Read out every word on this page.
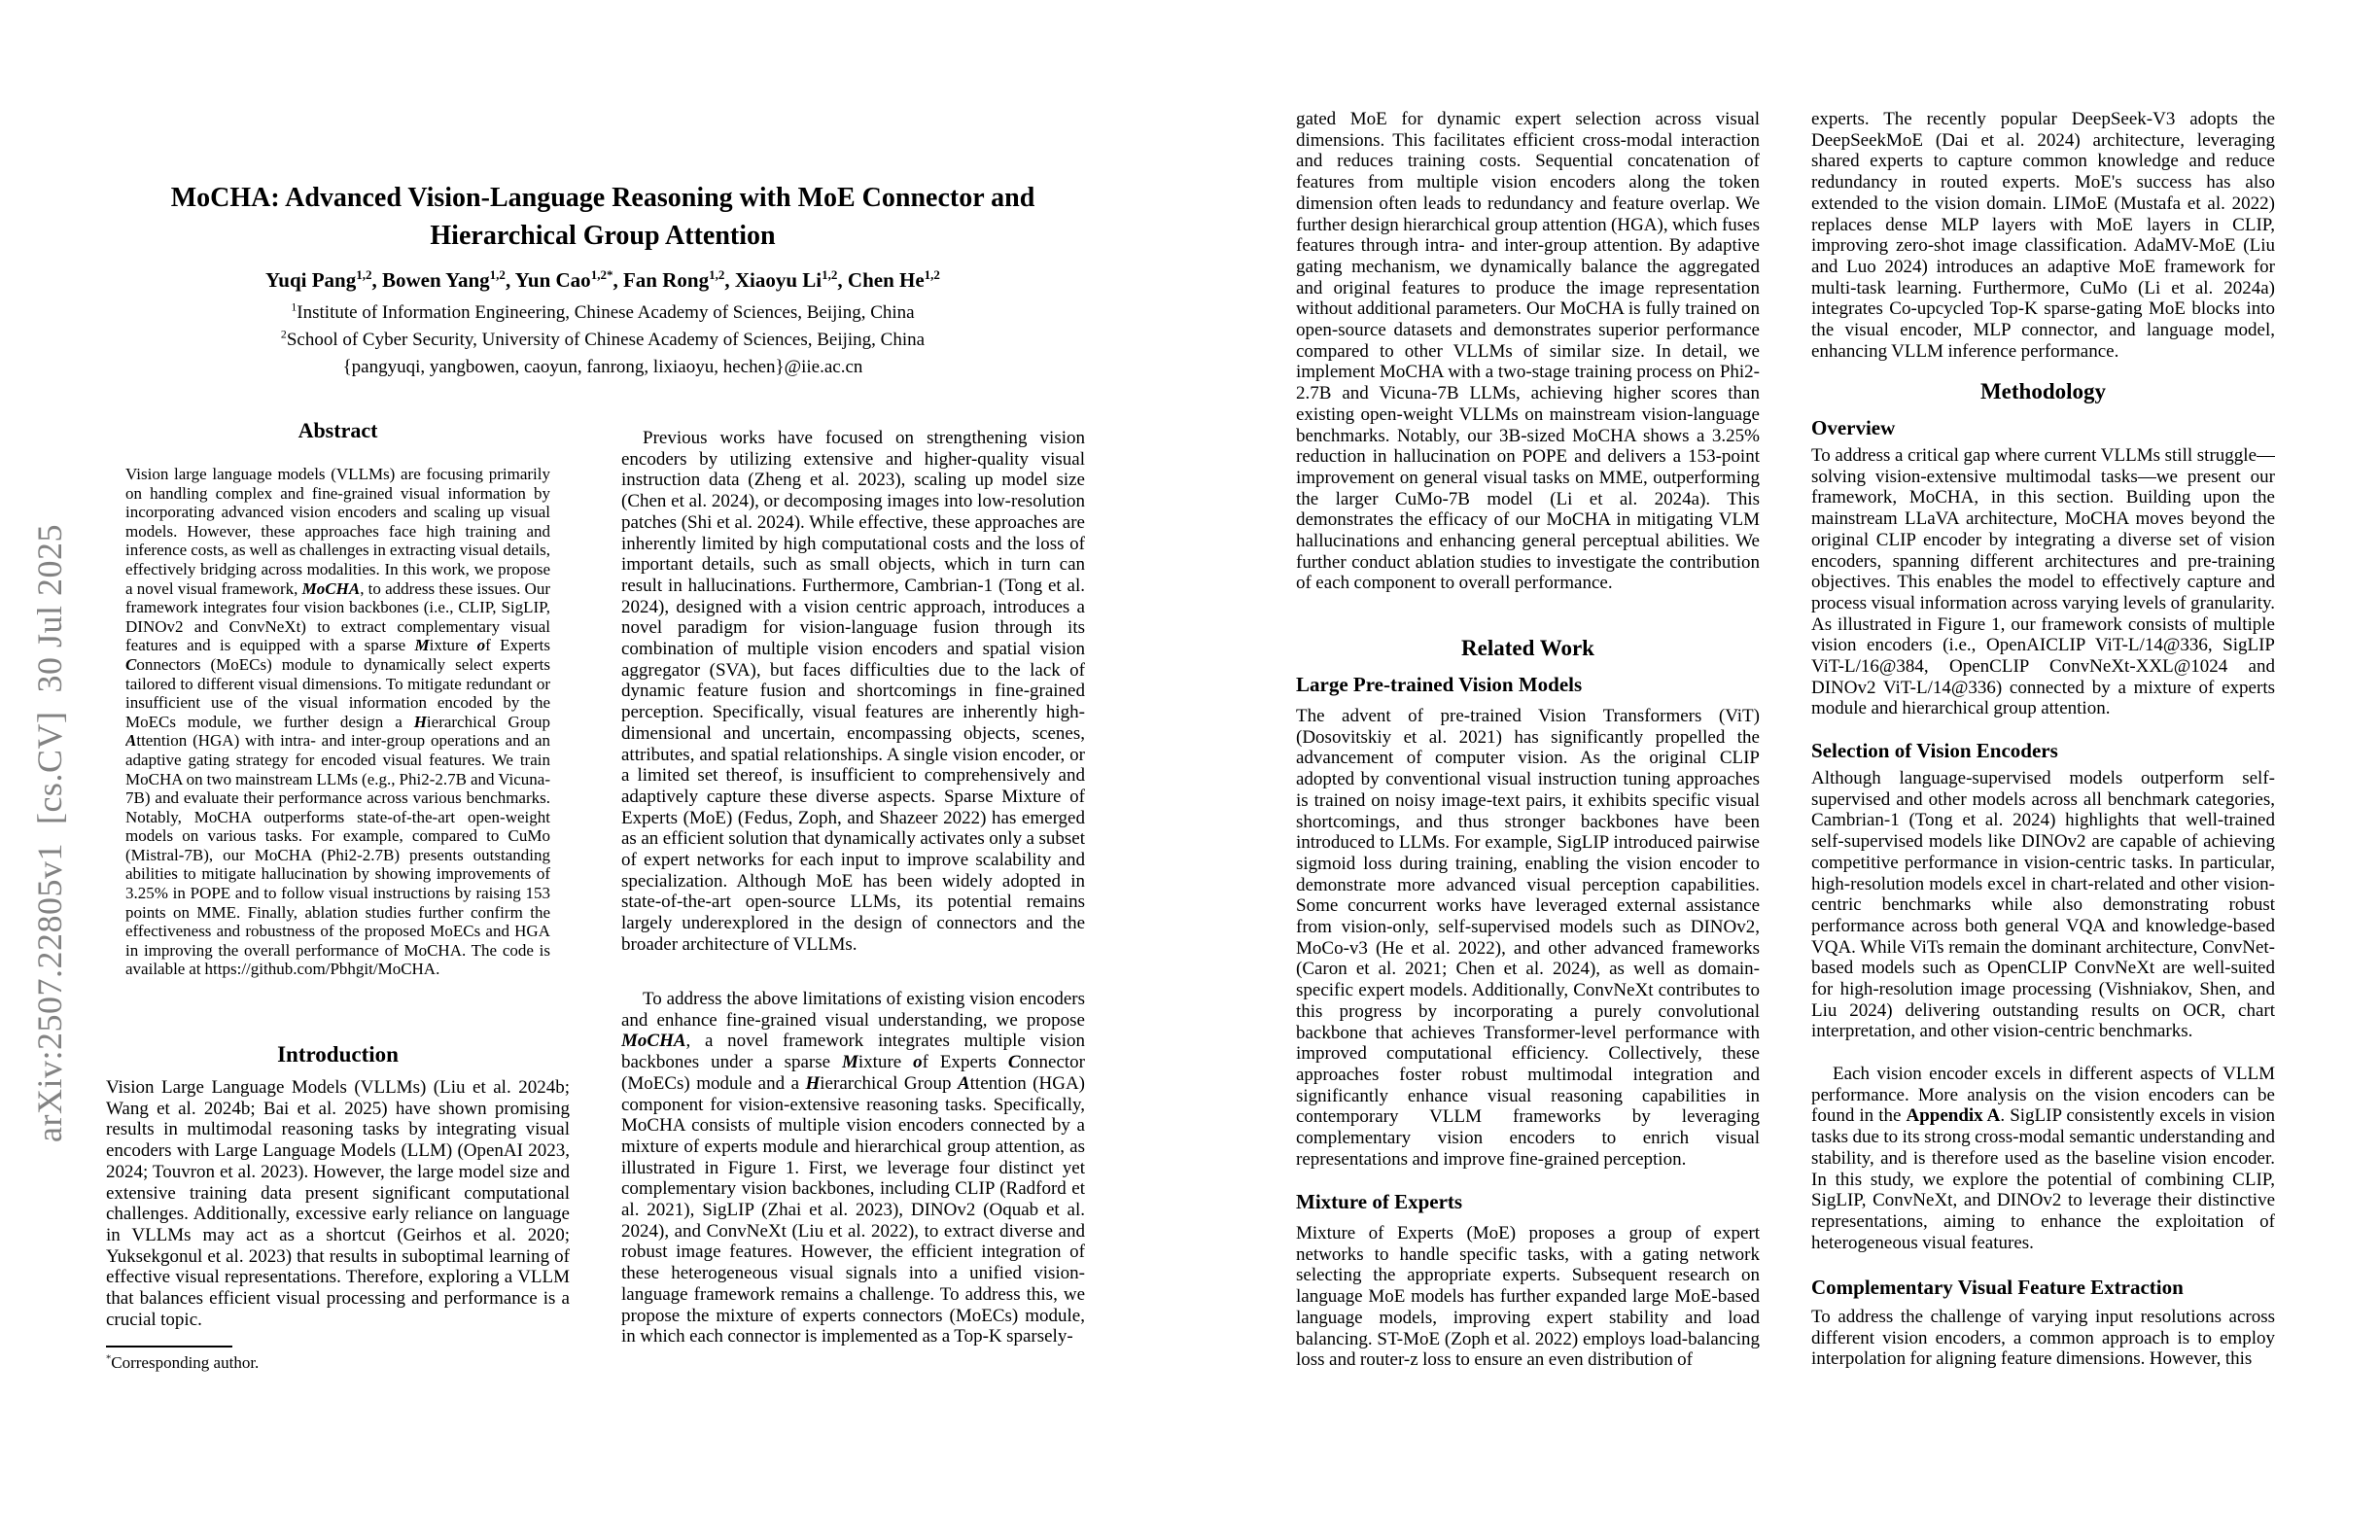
arXiv:2507.22805v1  [cs.CV]  30 Jul 2025
MoCHA: Advanced Vision-Language Reasoning with MoE Connector and
Hierarchical Group Attention
Yuqi Pang$^{1,2}$, Bowen Yang$^{1,2}$, Yun Cao$^{1,2*}$, Fan Rong$^{1,2}$, Xiaoyu Li$^{1,2}$, Chen He$^{1,2}$
$^1$Institute of Information Engineering, Chinese Academy of Sciences, Beijing, China
$^2$School of Cyber Security, University of Chinese Academy of Sciences, Beijing, China
{pangyuqi, yangbowen, caoyun, fanrong, lixiaoyu, hechen}@iie.ac.cn
Abstract
Vision large language models (VLLMs) are focusing primarily on handling complex and fine-grained visual information by incorporating advanced vision encoders and scaling up visual models. However, these approaches face high training and inference costs, as well as challenges in extracting visual details, effectively bridging across modalities. In this work, we propose a novel visual framework, MoCHA, to address these issues. Our framework integrates four vision backbones (i.e., CLIP, SigLIP, DINOv2 and ConvNeXt) to extract complementary visual features and is equipped with a sparse Mixture of Experts Connectors (MoECs) module to dynamically select experts tailored to different visual dimensions. To mitigate redundant or insufficient use of the visual information encoded by the MoECs module, we further design a Hierarchical Group Attention (HGA) with intra- and inter-group operations and an adaptive gating strategy for encoded visual features. We train MoCHA on two mainstream LLMs (e.g., Phi2-2.7B and Vicuna-7B) and evaluate their performance across various benchmarks. Notably, MoCHA outperforms state-of-the-art open-weight models on various tasks. For example, compared to CuMo (Mistral-7B), our MoCHA (Phi2-2.7B) presents outstanding abilities to mitigate hallucination by showing improvements of 3.25% in POPE and to follow visual instructions by raising 153 points on MME. Finally, ablation studies further confirm the effectiveness and robustness of the proposed MoECs and HGA in improving the overall performance of MoCHA. The code is available at https://github.com/Pbhgit/MoCHA.
Introduction
Vision Large Language Models (VLLMs) (Liu et al. 2024b; Wang et al. 2024b; Bai et al. 2025) have shown promising results in multimodal reasoning tasks by integrating visual encoders with Large Language Models (LLM) (OpenAI 2023, 2024; Touvron et al. 2023). However, the large model size and extensive training data present significant computational challenges. Additionally, excessive early reliance on language in VLLMs may act as a shortcut (Geirhos et al. 2020; Yuksekgonul et al. 2023) that results in suboptimal learning of effective visual representations. Therefore, exploring a VLLM that balances efficient visual processing and performance is a crucial topic.
*Corresponding author.
Previous works have focused on strengthening vision encoders by utilizing extensive and higher-quality visual instruction data (Zheng et al. 2023), scaling up model size (Chen et al. 2024), or decomposing images into low-resolution patches (Shi et al. 2024). While effective, these approaches are inherently limited by high computational costs and the loss of important details, such as small objects, which in turn can result in hallucinations. Furthermore, Cambrian-1 (Tong et al. 2024), designed with a vision centric approach, introduces a novel paradigm for vision-language fusion through its combination of multiple vision encoders and spatial vision aggregator (SVA), but faces difficulties due to the lack of dynamic feature fusion and shortcomings in fine-grained perception. Specifically, visual features are inherently high-dimensional and uncertain, encompassing objects, scenes, attributes, and spatial relationships. A single vision encoder, or a limited set thereof, is insufficient to comprehensively and adaptively capture these diverse aspects. Sparse Mixture of Experts (MoE) (Fedus, Zoph, and Shazeer 2022) has emerged as an efficient solution that dynamically activates only a subset of expert networks for each input to improve scalability and specialization. Although MoE has been widely adopted in state-of-the-art open-source LLMs, its potential remains largely underexplored in the design of connectors and the broader architecture of VLLMs.
To address the above limitations of existing vision encoders and enhance fine-grained visual understanding, we propose MoCHA, a novel framework integrates multiple vision backbones under a sparse Mixture of Experts Connector (MoECs) module and a Hierarchical Group Attention (HGA) component for vision-extensive reasoning tasks. Specifically, MoCHA consists of multiple vision encoders connected by a mixture of experts module and hierarchical group attention, as illustrated in Figure 1. First, we leverage four distinct yet complementary vision backbones, including CLIP (Radford et al. 2021), SigLIP (Zhai et al. 2023), DINOv2 (Oquab et al. 2024), and ConvNeXt (Liu et al. 2022), to extract diverse and robust image features. However, the efficient integration of these heterogeneous visual signals into a unified vision-language framework remains a challenge. To address this, we propose the mixture of experts connectors (MoECs) module, in which each connector is implemented as a Top-K sparsely-
gated MoE for dynamic expert selection across visual dimensions. This facilitates efficient cross-modal interaction and reduces training costs. Sequential concatenation of features from multiple vision encoders along the token dimension often leads to redundancy and feature overlap. We further design hierarchical group attention (HGA), which fuses features through intra- and inter-group attention. By adaptive gating mechanism, we dynamically balance the aggregated and original features to produce the image representation without additional parameters. Our MoCHA is fully trained on open-source datasets and demonstrates superior performance compared to other VLLMs of similar size. In detail, we implement MoCHA with a two-stage training process on Phi2-2.7B and Vicuna-7B LLMs, achieving higher scores than existing open-weight VLLMs on mainstream vision-language benchmarks. Notably, our 3B-sized MoCHA shows a 3.25% reduction in hallucination on POPE and delivers a 153-point improvement on general visual tasks on MME, outperforming the larger CuMo-7B model (Li et al. 2024a). This demonstrates the efficacy of our MoCHA in mitigating VLM hallucinations and enhancing general perceptual abilities. We further conduct ablation studies to investigate the contribution of each component to overall performance.
Related Work
Large Pre-trained Vision Models
The advent of pre-trained Vision Transformers (ViT) (Dosovitskiy et al. 2021) has significantly propelled the advancement of computer vision. As the original CLIP adopted by conventional visual instruction tuning approaches is trained on noisy image-text pairs, it exhibits specific visual shortcomings, and thus stronger backbones have been introduced to LLMs. For example, SigLIP introduced pairwise sigmoid loss during training, enabling the vision encoder to demonstrate more advanced visual perception capabilities. Some concurrent works have leveraged external assistance from vision-only, self-supervised models such as DINOv2, MoCo-v3 (He et al. 2022), and other advanced frameworks (Caron et al. 2021; Chen et al. 2024), as well as domain-specific expert models. Additionally, ConvNeXt contributes to this progress by incorporating a purely convolutional backbone that achieves Transformer-level performance with improved computational efficiency. Collectively, these approaches foster robust multimodal integration and significantly enhance visual reasoning capabilities in contemporary VLLM frameworks by leveraging complementary vision encoders to enrich visual representations and improve fine-grained perception.
Mixture of Experts
Mixture of Experts (MoE) proposes a group of expert networks to handle specific tasks, with a gating network selecting the appropriate experts. Subsequent research on language MoE models has further expanded large MoE-based language models, improving expert stability and load balancing. ST-MoE (Zoph et al. 2022) employs load-balancing loss and router-z loss to ensure an even distribution of
experts. The recently popular DeepSeek-V3 adopts the DeepSeekMoE (Dai et al. 2024) architecture, leveraging shared experts to capture common knowledge and reduce redundancy in routed experts. MoE's success has also extended to the vision domain. LIMoE (Mustafa et al. 2022) replaces dense MLP layers with MoE layers in CLIP, improving zero-shot image classification. AdaMV-MoE (Liu and Luo 2024) introduces an adaptive MoE framework for multi-task learning. Furthermore, CuMo (Li et al. 2024a) integrates Co-upcycled Top-K sparse-gating MoE blocks into the visual encoder, MLP connector, and language model, enhancing VLLM inference performance.
Methodology
Overview
To address a critical gap where current VLLMs still struggle—solving vision-extensive multimodal tasks—we present our framework, MoCHA, in this section. Building upon the mainstream LLaVA architecture, MoCHA moves beyond the original CLIP encoder by integrating a diverse set of vision encoders, spanning different architectures and pre-training objectives. This enables the model to effectively capture and process visual information across varying levels of granularity. As illustrated in Figure 1, our framework consists of multiple vision encoders (i.e., OpenAICLIP ViT-L/14@336, SigLIP ViT-L/16@384, OpenCLIP ConvNeXt-XXL@1024 and DINOv2 ViT-L/14@336) connected by a mixture of experts module and hierarchical group attention.
Selection of Vision Encoders
Although language-supervised models outperform self-supervised and other models across all benchmark categories, Cambrian-1 (Tong et al. 2024) highlights that well-trained self-supervised models like DINOv2 are capable of achieving competitive performance in vision-centric tasks. In particular, high-resolution models excel in chart-related and other vision-centric benchmarks while also demonstrating robust performance across both general VQA and knowledge-based VQA. While ViTs remain the dominant architecture, ConvNet-based models such as OpenCLIP ConvNeXt are well-suited for high-resolution image processing (Vishniakov, Shen, and Liu 2024) delivering outstanding results on OCR, chart interpretation, and other vision-centric benchmarks.
Each vision encoder excels in different aspects of VLLM performance. More analysis on the vision encoders can be found in the Appendix A. SigLIP consistently excels in vision tasks due to its strong cross-modal semantic understanding and stability, and is therefore used as the baseline vision encoder. In this study, we explore the potential of combining CLIP, SigLIP, ConvNeXt, and DINOv2 to leverage their distinctive representations, aiming to enhance the exploitation of heterogeneous visual features.
Complementary Visual Feature Extraction
To address the challenge of varying input resolutions across different vision encoders, a common approach is to employ interpolation for aligning feature dimensions. However, this
